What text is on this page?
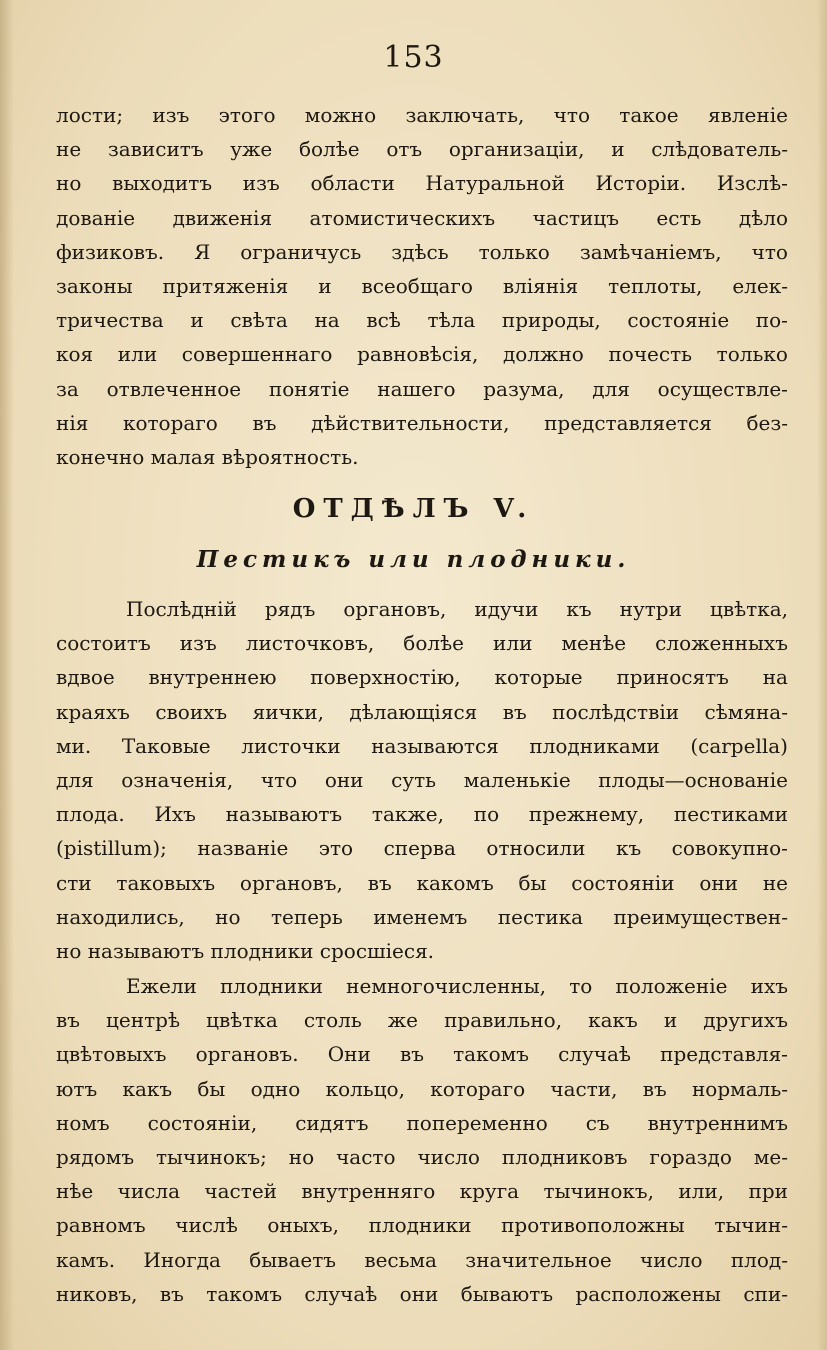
153
лости; изъ этого можно заключать, что такое явленіе
не зависитъ уже болѣе отъ организаціи, и слѣдователь-
но выходитъ изъ области Натуральной Исторіи. Изслѣ-
дованіе движенія атомистическихъ частицъ есть дѣло
физиковъ. Я ограничусь здѣсь только замѣчаніемъ, что
законы притяженія и всеобщаго вліянія теплоты, елек-
тричества и свѣта на всѣ тѣла природы, состояніе по-
коя или совершеннаго равновѣсія, должно почесть только
за отвлеченное понятіе нашего разума, для осуществле-
нія котораго въ дѣйствительности, представляется без-
конечно малая вѣроятность.
ОТДѢЛЪ V.
Пестикъ или плодники.
Послѣдній рядъ органовъ, идучи къ нутри цвѣтка,
состоитъ изъ листочковъ, болѣе или менѣе сложенныхъ
вдвое внутреннею поверхностію, которые приносятъ на
краяхъ своихъ яички, дѣлающіяся въ послѣдствіи сѣмяна-
ми. Таковые листочки называются плодниками (carpella)
для означенія, что они суть маленькіе плоды—основаніе
плода. Ихъ называютъ также, по прежнему, пестиками
(pistillum); названіе это сперва относили къ совокупно-
сти таковыхъ органовъ, въ какомъ бы состояніи они не
находились, но теперь именемъ пестика преимуществен-
но называютъ плодники сросшіеся.
Ежели плодники немногочисленны, то положеніе ихъ
въ центрѣ цвѣтка столь же правильно, какъ и другихъ
цвѣтовыхъ органовъ. Они въ такомъ случаѣ представля-
ютъ какъ бы одно кольцо, котораго части, въ нормаль-
номъ состояніи, сидятъ попеременно съ внутреннимъ
рядомъ тычинокъ; но часто число плодниковъ гораздо ме-
нѣе числа частей внутренняго круга тычинокъ, или, при
равномъ числѣ оныхъ, плодники противоположны тычин-
камъ. Иногда бываетъ весьма значительное число плод-
никовъ, въ такомъ случаѣ они бываютъ расположены спи-
